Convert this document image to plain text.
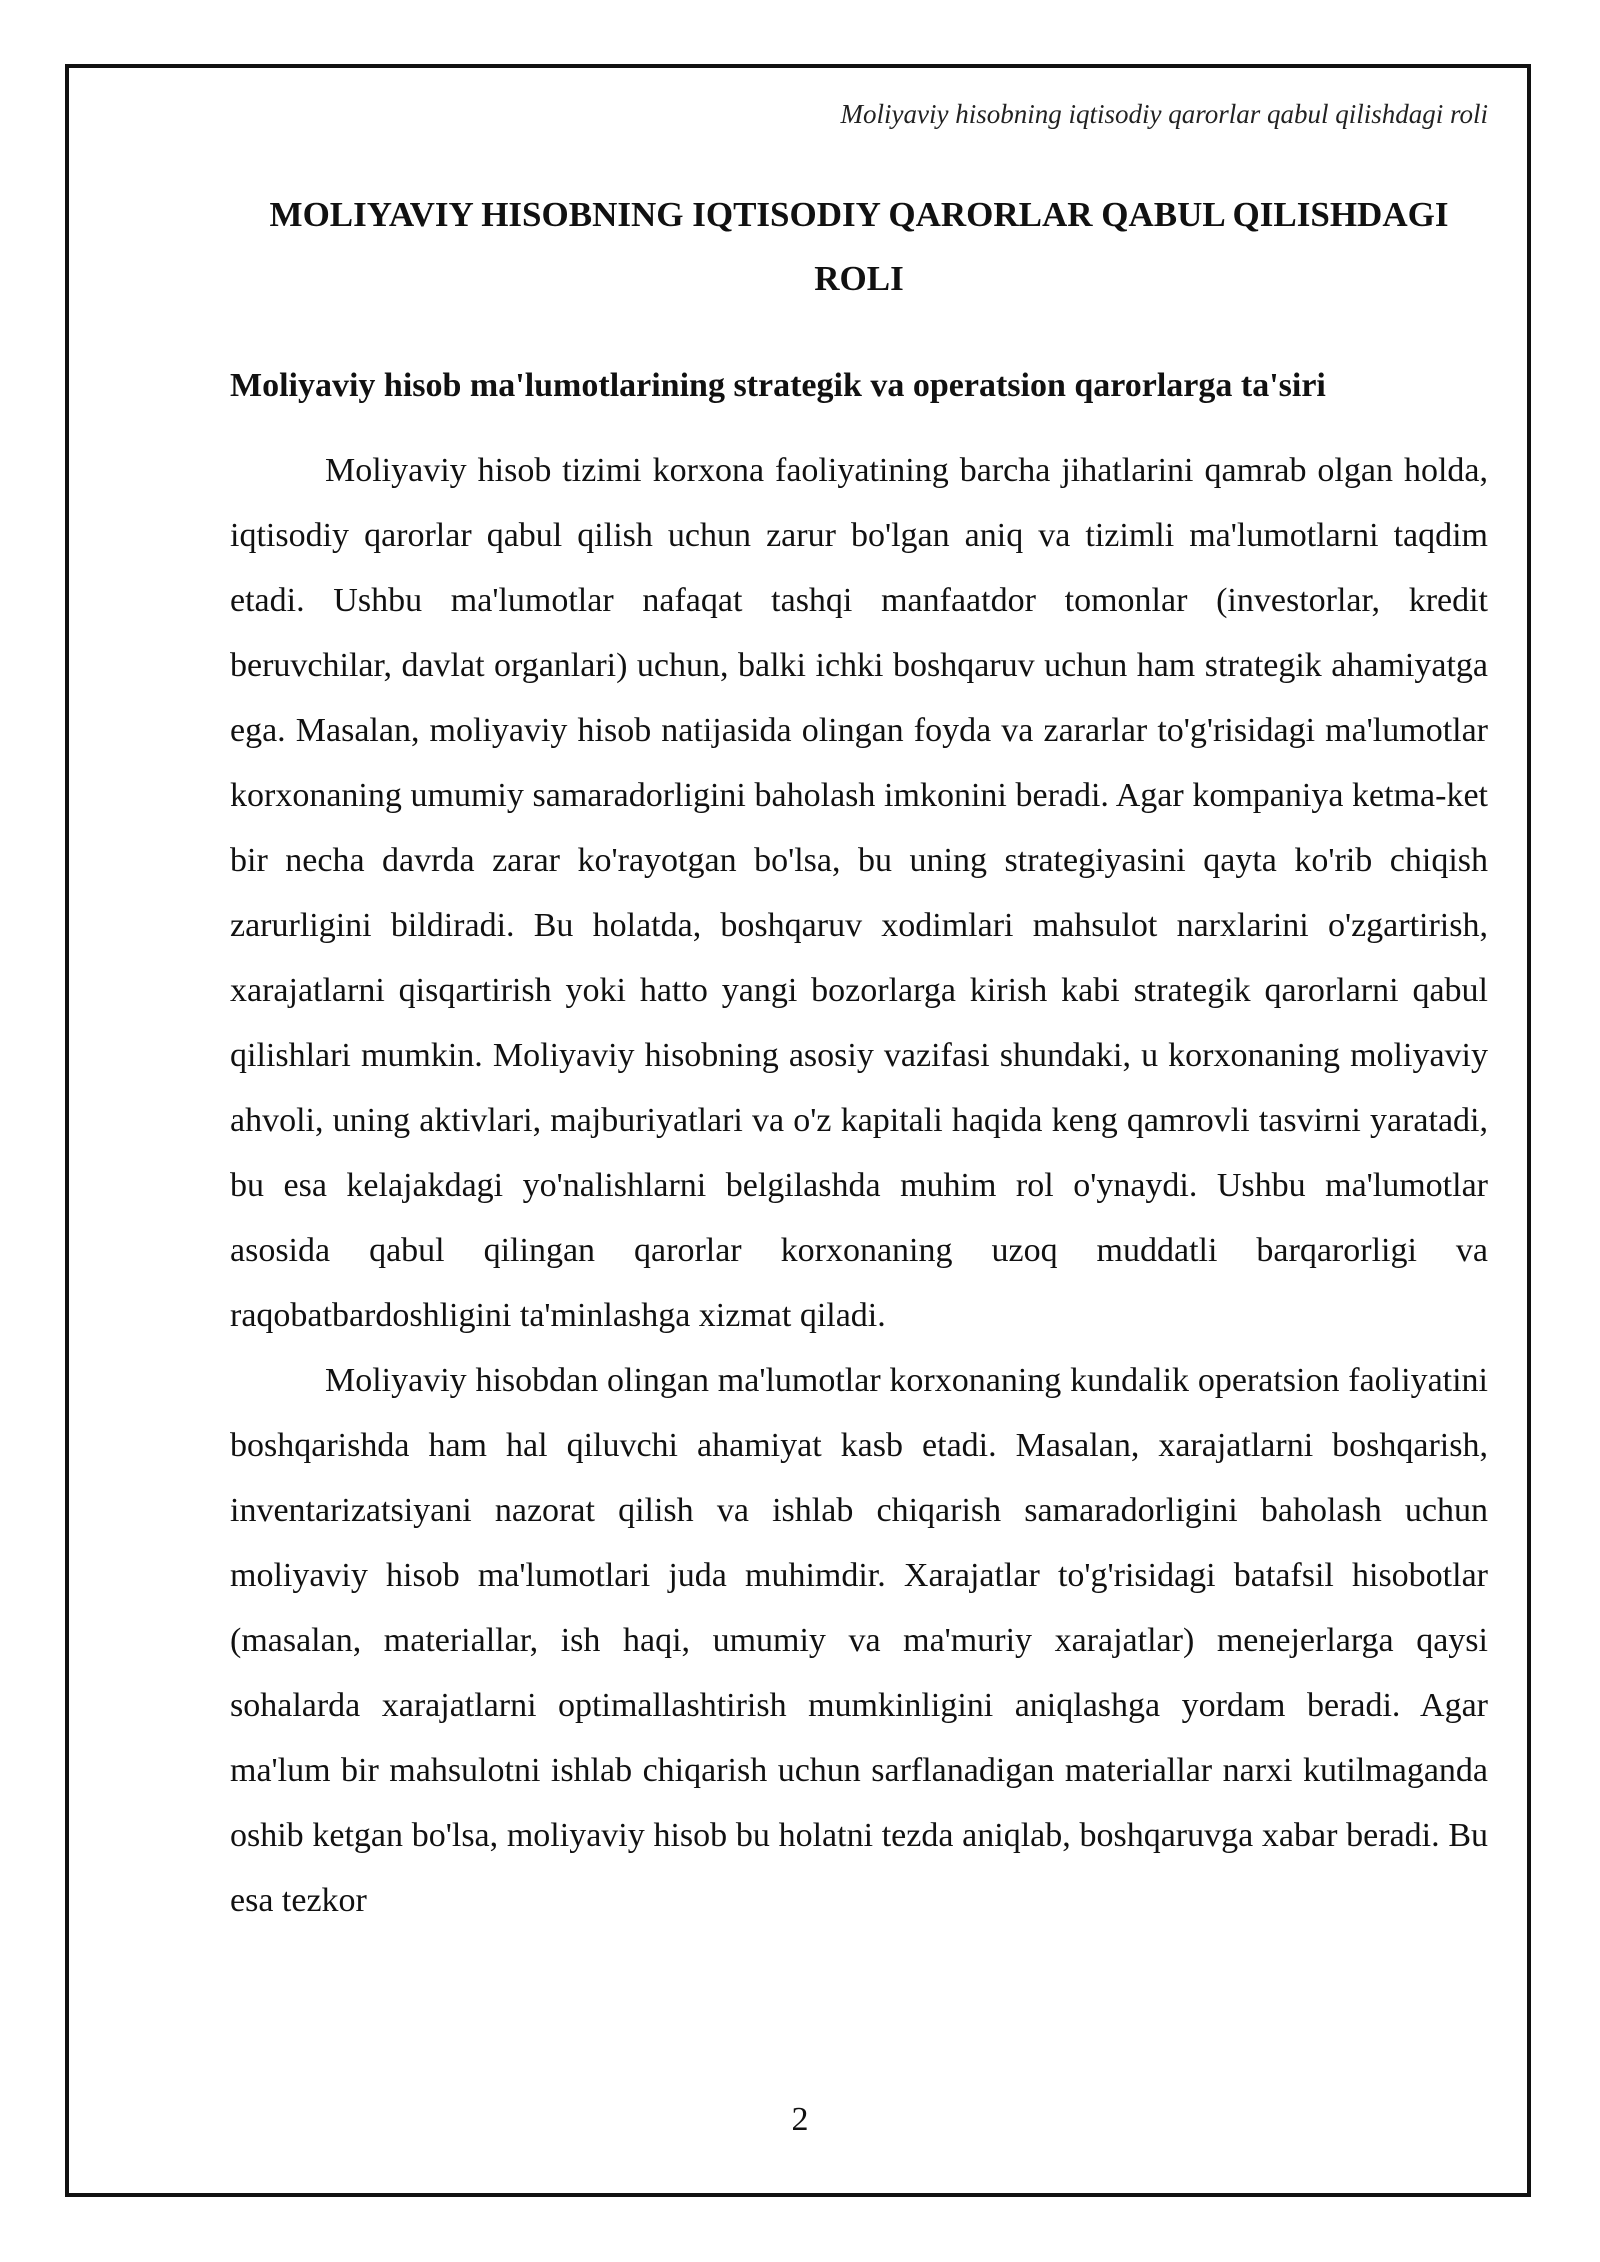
Moliyaviy hisobning iqtisodiy qarorlar qabul qilishdagi roli
MOLIYAVIY HISOBNING IQTISODIY QARORLAR QABUL QILISHDAGI ROLI
Moliyaviy hisob ma'lumotlarining strategik va operatsion qarorlarga ta'siri

Moliyaviy hisob tizimi korxona faoliyatining barcha jihatlarini qamrab olgan holda, iqtisodiy qarorlar qabul qilish uchun zarur bo'lgan aniq va tizimli ma'lumotlarni taqdim etadi. Ushbu ma'lumotlar nafaqat tashqi manfaatdor tomonlar (investorlar, kredit beruvchilar, davlat organlari) uchun, balki ichki boshqaruv uchun ham strategik ahamiyatga ega. Masalan, moliyaviy hisob natijasida olingan foyda va zararlar to'g'risidagi ma'lumotlar korxonaning umumiy samaradorligini baholash imkonini beradi. Agar kompaniya ketma-ket bir necha davrda zarar ko'rayotgan bo'lsa, bu uning strategiyasini qayta ko'rib chiqish zarurligini bildiradi. Bu holatda, boshqaruv xodimlari mahsulot narxlarini o'zgartirish, xarajatlarni qisqartirish yoki hatto yangi bozorlarga kirish kabi strategik qarorlarni qabul qilishlari mumkin. Moliyaviy hisobning asosiy vazifasi shundaki, u korxonaning moliyaviy ahvoli, uning aktivlari, majburiyatlari va o'z kapitali haqida keng qamrovli tasvirni yaratadi, bu esa kelajakdagi yo'nalishlarni belgilashda muhim rol o'ynaydi. Ushbu ma'lumotlar asosida qabul qilingan qarorlar korxonaning uzoq muddatli barqarorligi va raqobatbardoshligini ta'minlashga xizmat qiladi.

Moliyaviy hisobdan olingan ma'lumotlar korxonaning kundalik operatsion faoliyatini boshqarishda ham hal qiluvchi ahamiyat kasb etadi. Masalan, xarajatlarni boshqarish, inventarizatsiyani nazorat qilish va ishlab chiqarish samaradorligini baholash uchun moliyaviy hisob ma'lumotlari juda muhimdir. Xarajatlar to'g'risidagi batafsil hisobotlar (masalan, materiallar, ish haqi, umumiy va ma'muriy xarajatlar) menejerlarga qaysi sohalarda xarajatlarni optimallashtirish mumkinligini aniqlashga yordam beradi. Agar ma'lum bir mahsulotni ishlab chiqarish uchun sarflanadigan materiallar narxi kutilmaganda oshib ketgan bo'lsa, moliyaviy hisob bu holatni tezda aniqlab, boshqaruvga xabar beradi. Bu esa tezkor

2
